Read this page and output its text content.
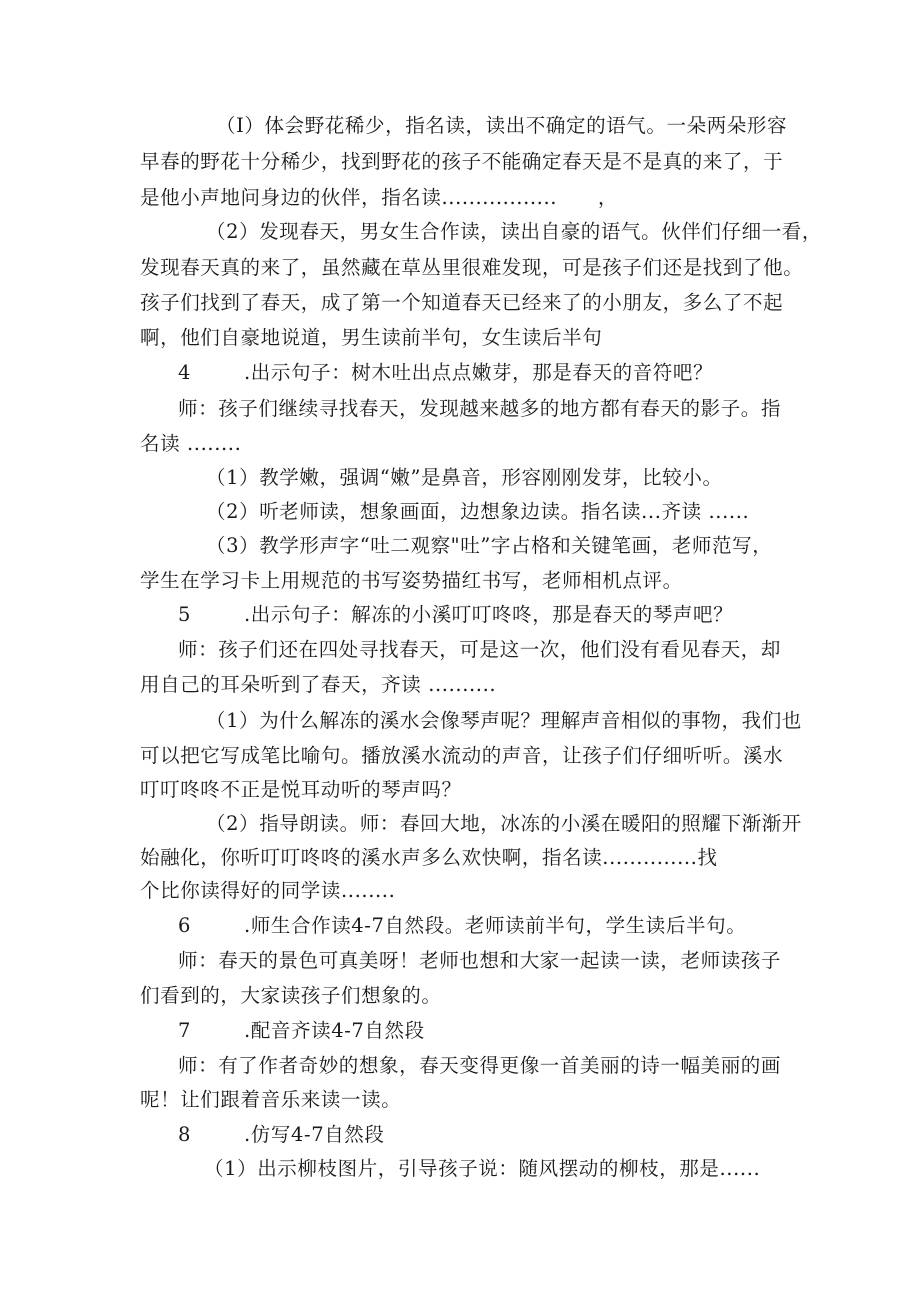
（I）体会野花稀少，指名读，读出不确定的语气。一朵两朵形容
早春的野花十分稀少，找到野花的孩子不能确定春天是不是真的来了，于
是他小声地问身边的伙伴，指名读.................      ，
（2）发现春天，男女生合作读，读出自豪的语气。伙伴们仔细一看，
发现春天真的来了，虽然藏在草丛里很难发现，可是孩子们还是找到了他。
孩子们找到了春天，成了第一个知道春天已经来了的小朋友，多么了不起
啊，他们自豪地说道，男生读前半句，女生读后半句
4	.出示句子：树木吐出点点嫩芽，那是春天的音符吧？
师：孩子们继续寻找春天，发现越来越多的地方都有春天的影子。指
名读 ........
（1）教学嫩，强调“嫩”是鼻音，形容刚刚发芽，比较小。
（2）听老师读，想象画面，边想象边读。指名读...齐读 ......
（3）教学形声字“吐二观察"吐”字占格和关键笔画，老师范写，
学生在学习卡上用规范的书写姿势描红书写，老师相机点评。
5	.出示句子：解冻的小溪叮叮咚咚，那是春天的琴声吧？
师：孩子们还在四处寻找春天，可是这一次，他们没有看见春天，却
用自己的耳朵听到了春天，齐读 ..........
（1）为什么解冻的溪水会像琴声呢？理解声音相似的事物，我们也
可以把它写成笔比喻句。播放溪水流动的声音，让孩子们仔细听听。溪水
叮叮咚咚不正是悦耳动听的琴声吗？
（2）指导朗读。师：春回大地，冰冻的小溪在暖阳的照耀下渐渐开
始融化，你听叮叮咚咚的溪水声多么欢快啊，指名读..............找
个比你读得好的同学读........
6	.师生合作读4-7自然段。老师读前半句，学生读后半句。
师：春天的景色可真美呀！老师也想和大家一起读一读，老师读孩子
们看到的，大家读孩子们想象的。
7	.配音齐读4-7自然段
师：有了作者奇妙的想象，春天变得更像一首美丽的诗一幅美丽的画
呢！让们跟着音乐来读一读。
8	.仿写4-7自然段
（1）出示柳枝图片，引导孩子说：随风摆动的柳枝，那是......
